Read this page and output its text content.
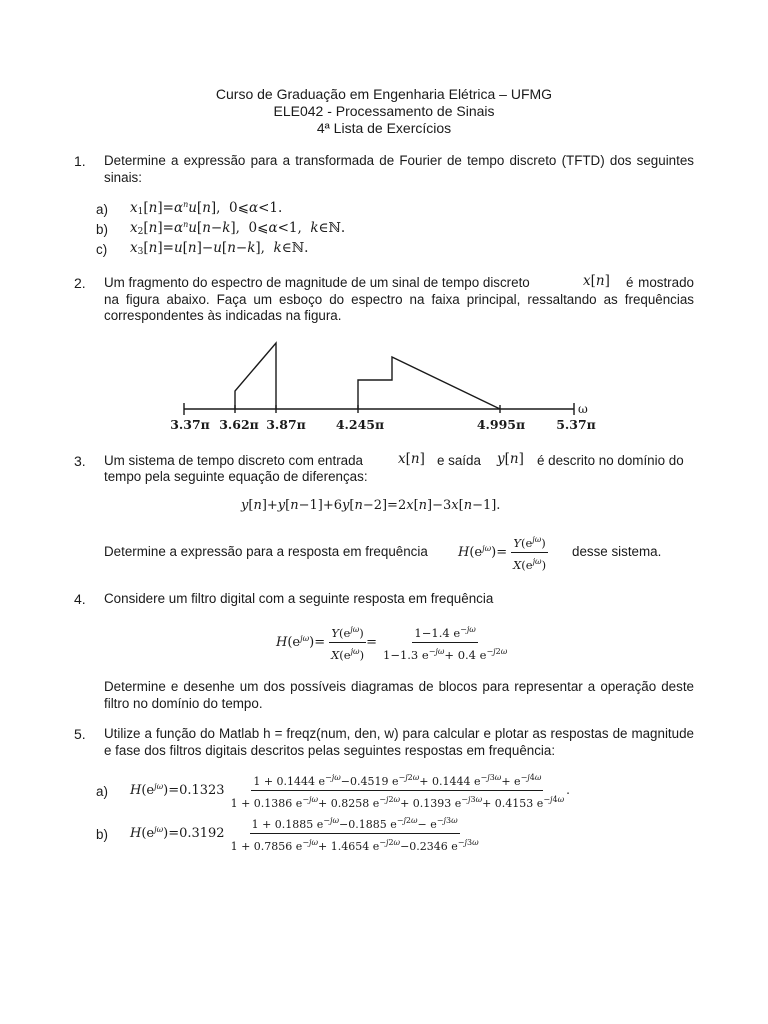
Curso de Graduação em Engenharia Elétrica – UFMG
ELE042 - Processamento de Sinais
4ª Lista de Exercícios
1. Determine a expressão para a transformada de Fourier de tempo discreto (TFTD) dos seguintes sinais:
a) $x_1[n]=\alpha^nu[n]$,  0⩽α<1.
b) $x_2[n]=\alpha^nu[n-k]$,  0⩽α<1,  k∈ℕ.
c) $x_3[n]=u[n]-u[n-k]$,  k∈ℕ.
2. Um fragmento do espectro de magnitude de um sinal de tempo discreto	x[n]	é mostrado na figura abaixo. Faça um esboço do espectro na faixa principal, ressaltando as frequências correspondentes às indicadas na figura.
ω
3.37π 3.62π 3.87π 4.245π	4.995π 5.37π
3. Um sistema de tempo discreto com entrada	x[n] e saída y[n] é descrito no domínio do
tempo pela seguinte equação de diferenças:
y[n]+y[n−1]+6y[n−2]=2x[n]−3x[n−1].
Determine a expressão para a resposta em frequência $H(e^{j\omega})= \frac{Y(e^{j\omega})}{X(e^{j\omega})}$ desse sistema.
4. Considere um filtro digital com a seguinte resposta em frequência
$H(e^{j\omega})= \frac{Y(e^{j\omega})}{X(e^{j\omega})} = \frac{1-1.4 e^{-j\omega}}{1-1.3 e^{-j\omega}+ 0.4 e^{-j2\omega}}$
Determine e desenhe um dos possíveis diagramas de blocos para representar a operação deste filtro no domínio do tempo.
5. Utilize a função do Matlab h = freqz(num, den, w) para calcular e plotar as respostas de magnitude e fase dos filtros digitais descritos pelas seguintes respostas em frequência:
a) $H(e^{j\omega})=0.1323 \frac{1 + 0.1444 e^{-j\omega}-0.4519 e^{-j2\omega}+ 0.1444 e^{-j3\omega}+ e^{-j4\omega}}{1 + 0.1386 e^{-j\omega}+ 0.8258 e^{-j2\omega}+ 0.1393 e^{-j3\omega}+ 0.4153 e^{-j4\omega}}$ .
b) $H(e^{j\omega})=0.3192 \frac{1 + 0.1885 e^{-j\omega}-0.1885 e^{-j2\omega}- e^{-j3\omega}}{1 + 0.7856 e^{-j\omega}+ 1.4654 e^{-j2\omega}-0.2346 e^{-j3\omega}}$
